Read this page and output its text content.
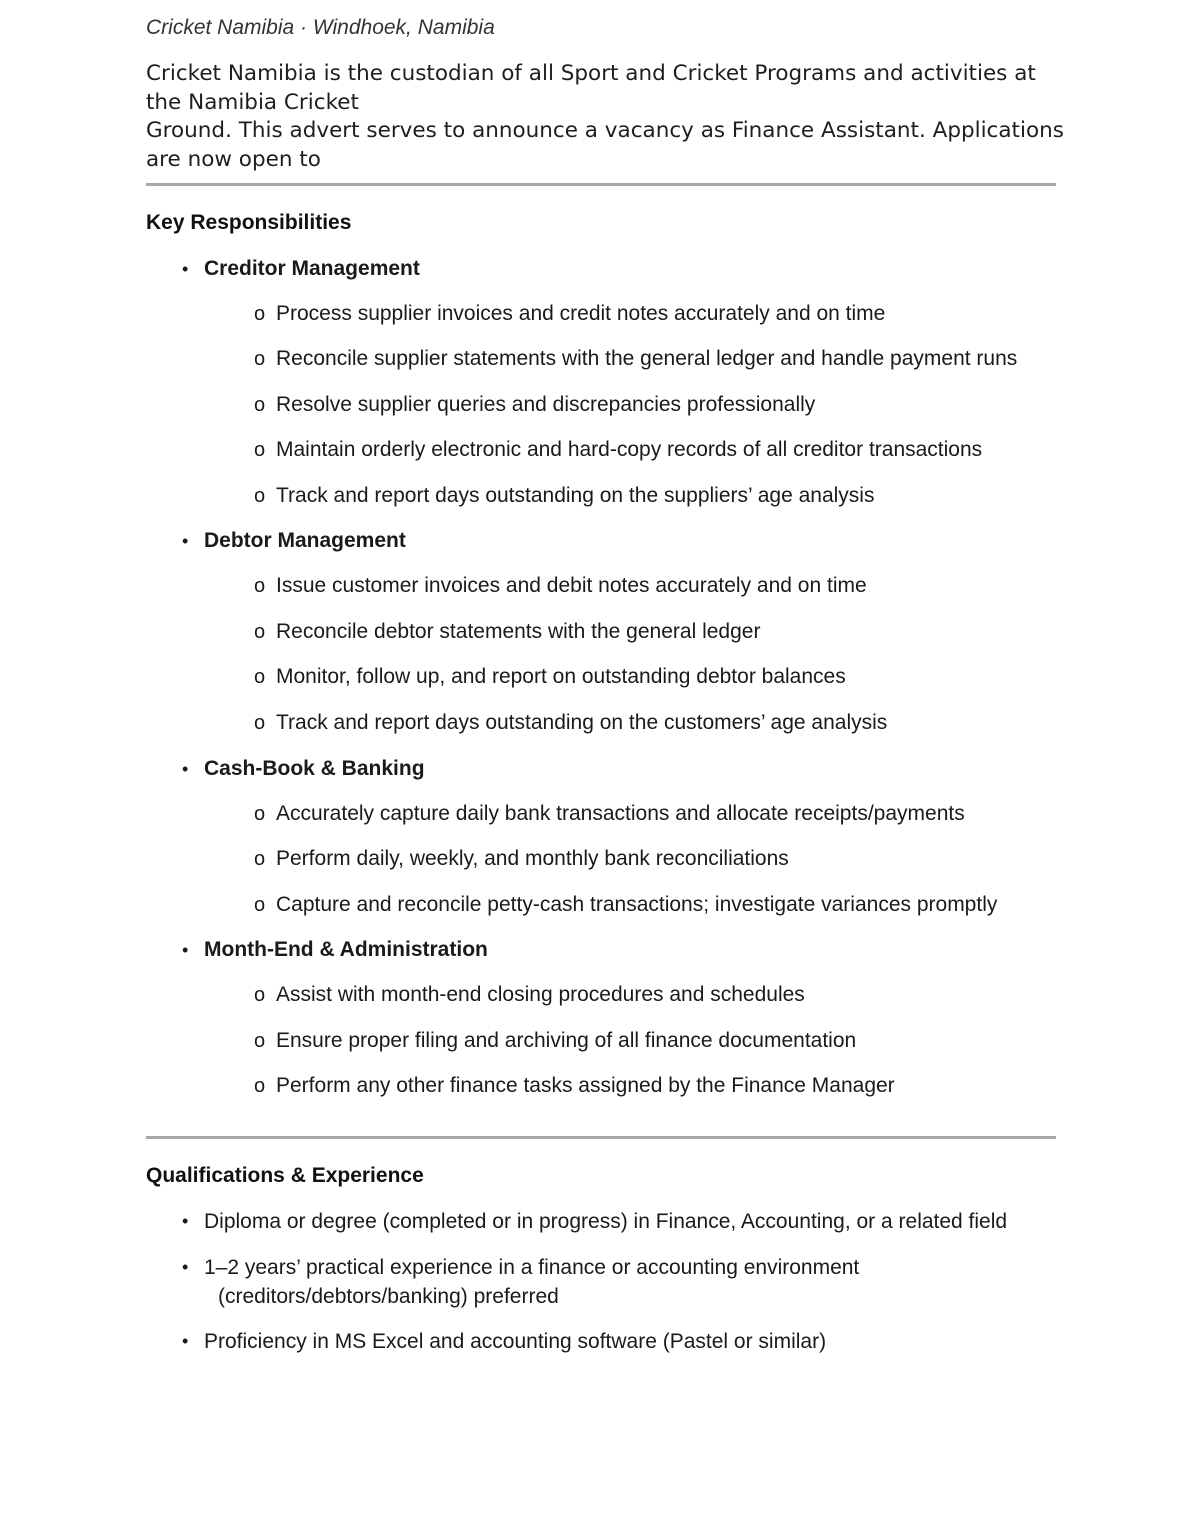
Cricket Namibia · Windhoek, Namibia
Cricket Namibia is the custodian of all Sport and Cricket Programs and activities at
the Namibia Cricket
Ground. This advert serves to announce a vacancy as Finance Assistant. Applications
are now open to
Key Responsibilities
• Creditor Management
o Process supplier invoices and credit notes accurately and on time
o Reconcile supplier statements with the general ledger and handle payment runs
o Resolve supplier queries and discrepancies professionally
o Maintain orderly electronic and hard-copy records of all creditor transactions
o Track and report days outstanding on the suppliers’ age analysis
• Debtor Management
o Issue customer invoices and debit notes accurately and on time
o Reconcile debtor statements with the general ledger
o Monitor, follow up, and report on outstanding debtor balances
o Track and report days outstanding on the customers’ age analysis
• Cash-Book & Banking
o Accurately capture daily bank transactions and allocate receipts/payments
o Perform daily, weekly, and monthly bank reconciliations
o Capture and reconcile petty-cash transactions; investigate variances promptly
• Month-End & Administration
o Assist with month-end closing procedures and schedules
o Ensure proper filing and archiving of all finance documentation
o Perform any other finance tasks assigned by the Finance Manager
Qualifications & Experience
• Diploma or degree (completed or in progress) in Finance, Accounting, or a related field
• 1–2 years’ practical experience in a finance or accounting environment
(creditors/debtors/banking) preferred
• Proficiency in MS Excel and accounting software (Pastel or similar)
